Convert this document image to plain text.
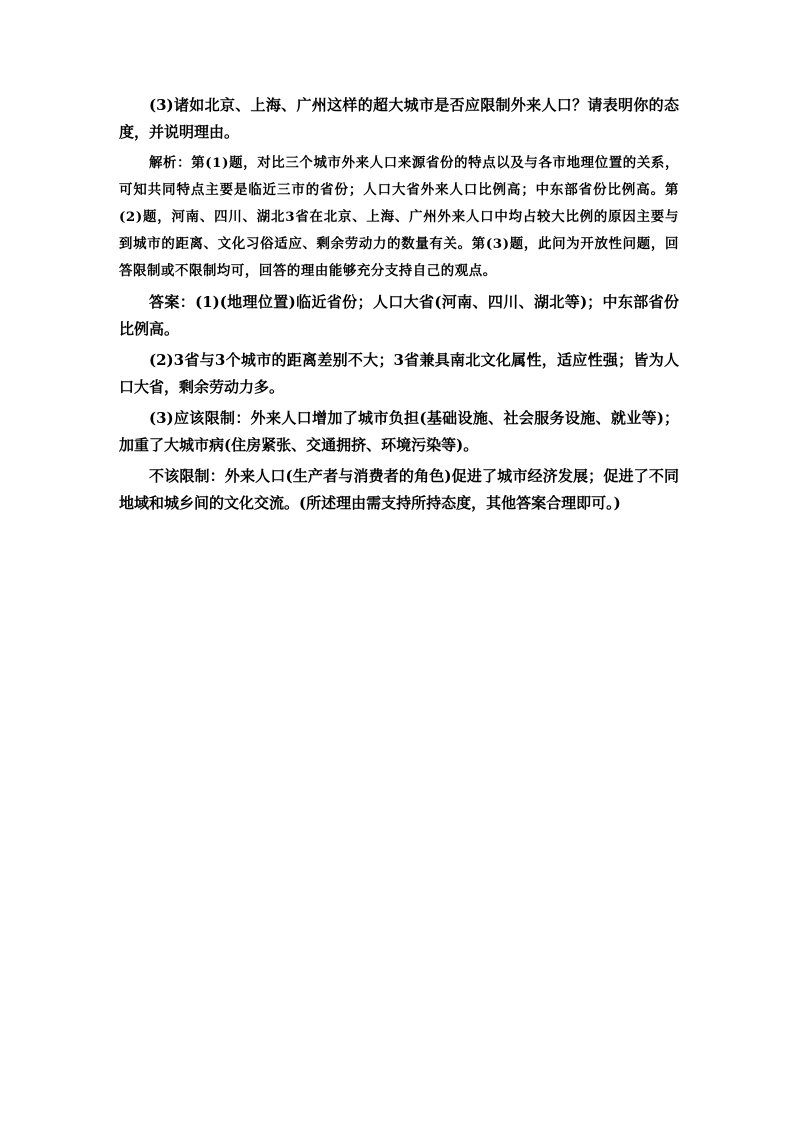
(3)诸如北京、上海、广州这样的超大城市是否应限制外来人口？请表明你的态度，并说明理由。

解析：第(1)题，对比三个城市外来人口来源省份的特点以及与各市地理位置的关系，可知共同特点主要是临近三市的省份；人口大省外来人口比例高；中东部省份比例高。第(2)题，河南、四川、湖北3省在北京、上海、广州外来人口中均占较大比例的原因主要与到城市的距离、文化习俗适应、剩余劳动力的数量有关。第(3)题，此问为开放性问题，回答限制或不限制均可，回答的理由能够充分支持自己的观点。

答案：(1)(地理位置)临近省份；人口大省(河南、四川、湖北等)；中东部省份比例高。

(2)3省与3个城市的距离差别不大；3省兼具南北文化属性，适应性强；皆为人口大省，剩余劳动力多。

(3)应该限制：外来人口增加了城市负担(基础设施、社会服务设施、就业等)；加重了大城市病(住房紧张、交通拥挤、环境污染等)。

不该限制：外来人口(生产者与消费者的角色)促进了城市经济发展；促进了不同地域和城乡间的文化交流。(所述理由需支持所持态度，其他答案合理即可。)
